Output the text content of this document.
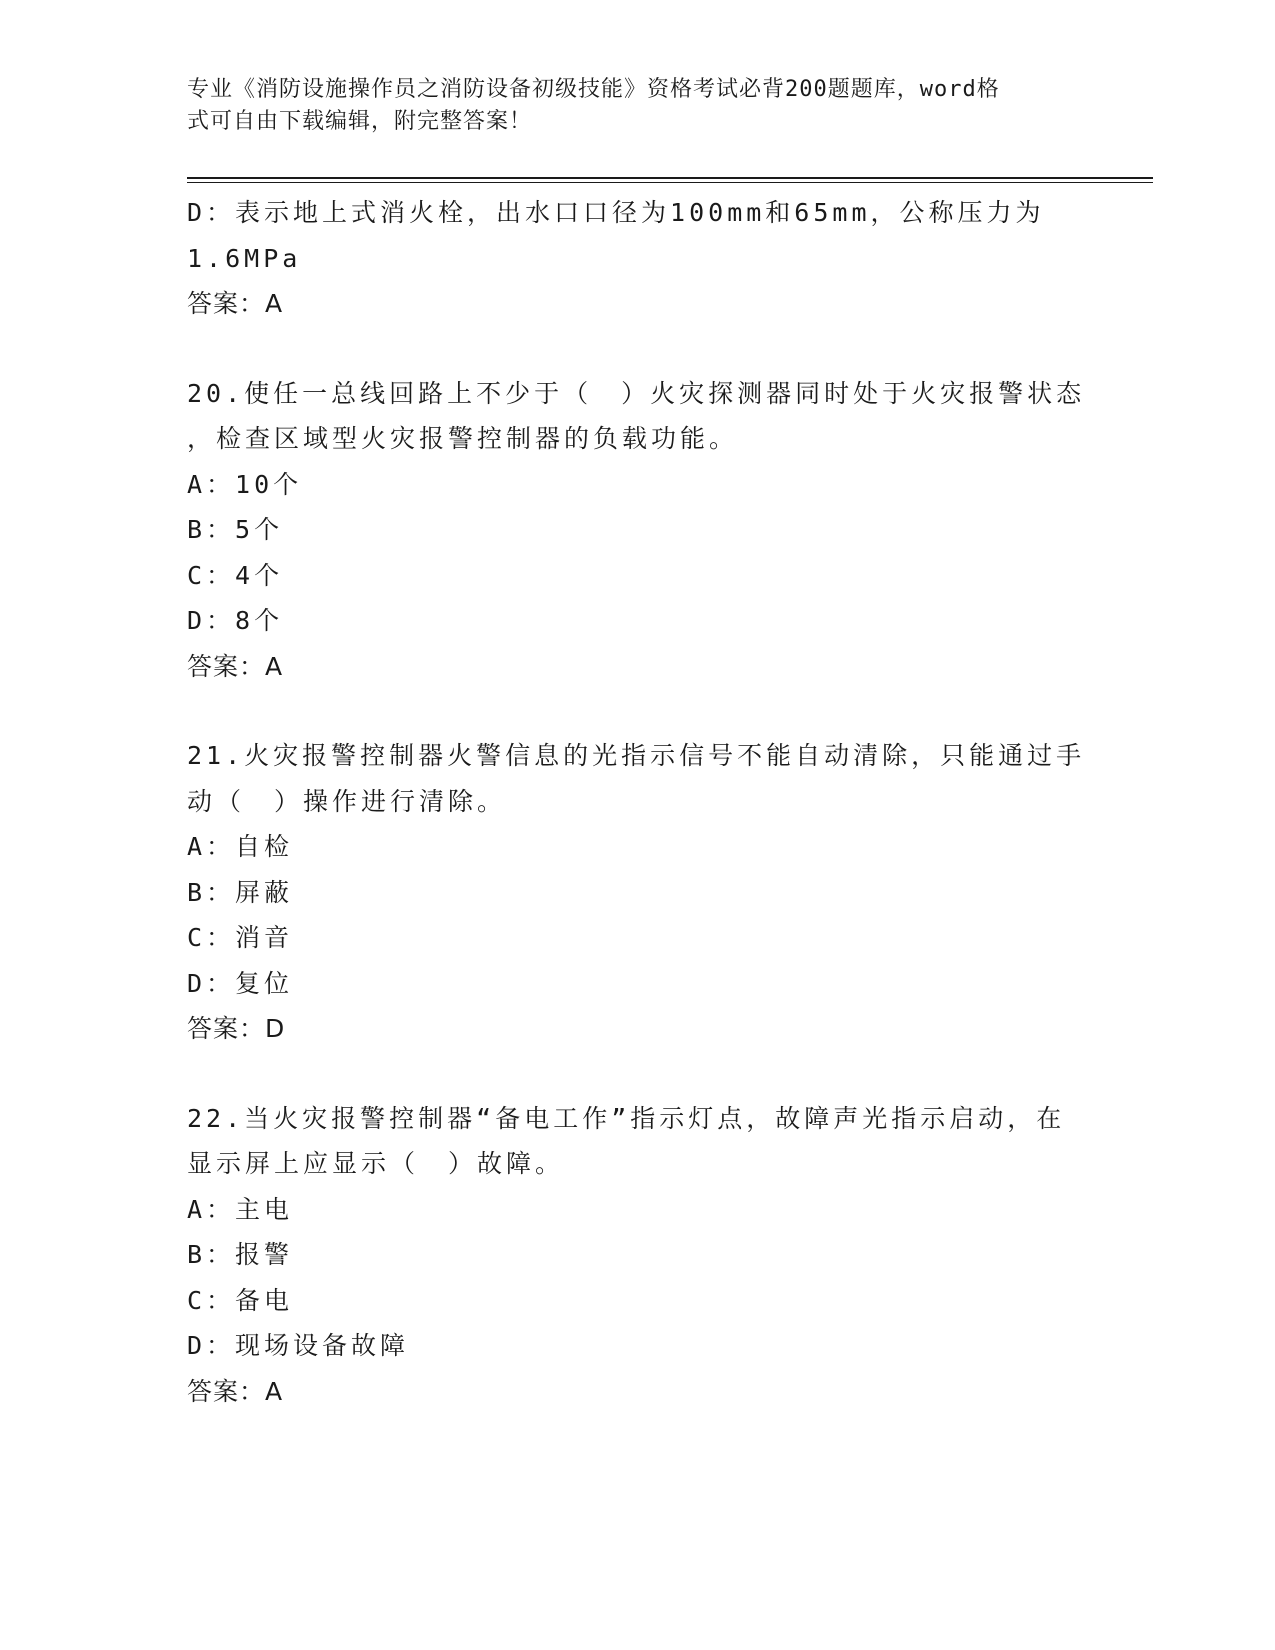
专业《消防设施操作员之消防设备初级技能》资格考试必背200题题库，word格
式可自由下载编辑，附完整答案！
D：表示地上式消火栓，出水口口径为100mm和65mm，公称压力为
1.6MPa
答案：A
20.使任一总线回路上不少于（　）火灾探测器同时处于火灾报警状态
，检查区域型火灾报警控制器的负载功能。
A：10个
B：5个
C：4个
D：8个
答案：A
21.火灾报警控制器火警信息的光指示信号不能自动清除，只能通过手
动（　）操作进行清除。
A：自检
B：屏蔽
C：消音
D：复位
答案：D
22.当火灾报警控制器“备电工作”指示灯点，故障声光指示启动，在
显示屏上应显示（　）故障。
A：主电
B：报警
C：备电
D：现场设备故障
答案：A
